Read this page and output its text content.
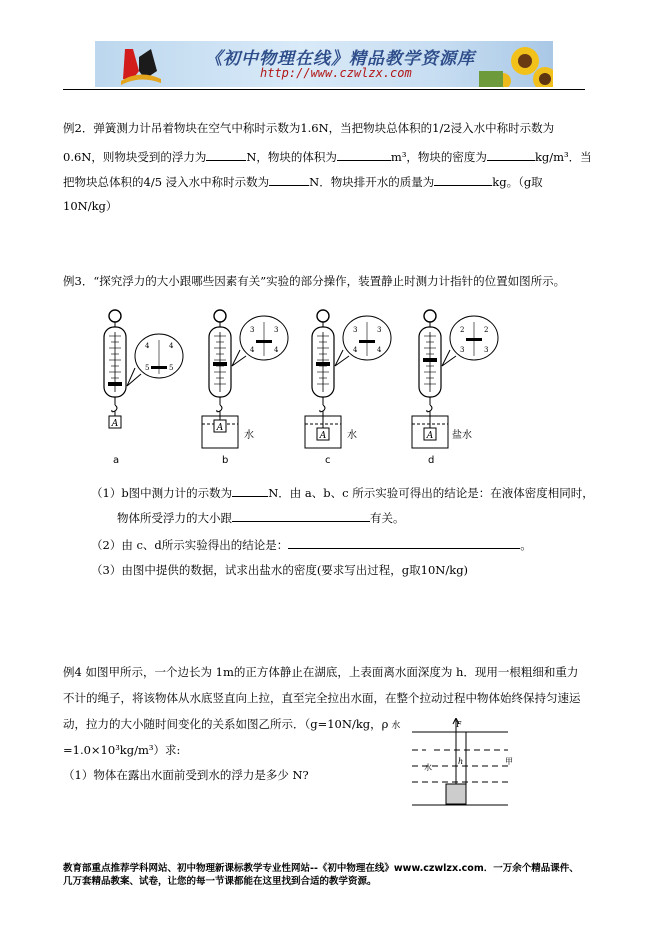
《初中物理在线》精品教学资源库
http://www.czwlzx.com
例2．弹簧测力计吊着物块在空气中称时示数为1.6N，当把物块总体积的1/2浸入水中称时示数为
0.6N，则物块受到的浮力为	N，物块的体积为	m³，物块的密度为	kg/m³．当
把物块总体积的4/5 浸入水中称时示数为	N．物块排开水的质量为	kg。（g取
10N/kg）
例3．“探究浮力的大小跟哪些因素有关”实验的部分操作，装置静止时测力计指针的位置如图所示。
A
4
5
4
5
A
3
4
3
4
水	A
3
4
3
4
水	A
2
3
2
3
盐水
a	b	c	d
（1）b图中测力计的示数为	N．由 a、b、c 所示实验可得出的结论是：在液体密度相同时，
物体所受浮力的大小跟	有关。
（2）由 c、d所示实验得出的结论是：	。
（3）由图中提供的数据，试求出盐水的密度(要求写出过程，g取10N/kg)
例4 如图甲所示，一个边长为 1m的正方体静止在湖底，上表面离水面深度为 h．现用一根粗细和重力
不计的绳子，将该物体从水底竖直向上拉，直至完全拉出水面，在整个拉动过程中物体始终保持匀速运
动，拉力的大小随时间变化的关系如图乙所示．（g=10N/kg，ρ 水
=1.0×10³kg/m³）求:
（1）物体在露出水面前受到水的浮力是多少 N?
F
h
水
甲
教育部重点推荐学科网站、初中物理新课标教学专业性网站--《初中物理在线》www.czwlzx.com．一万余个精品课件、
几万套精品教案、试卷，让您的每一节课都能在这里找到合适的教学资源。
